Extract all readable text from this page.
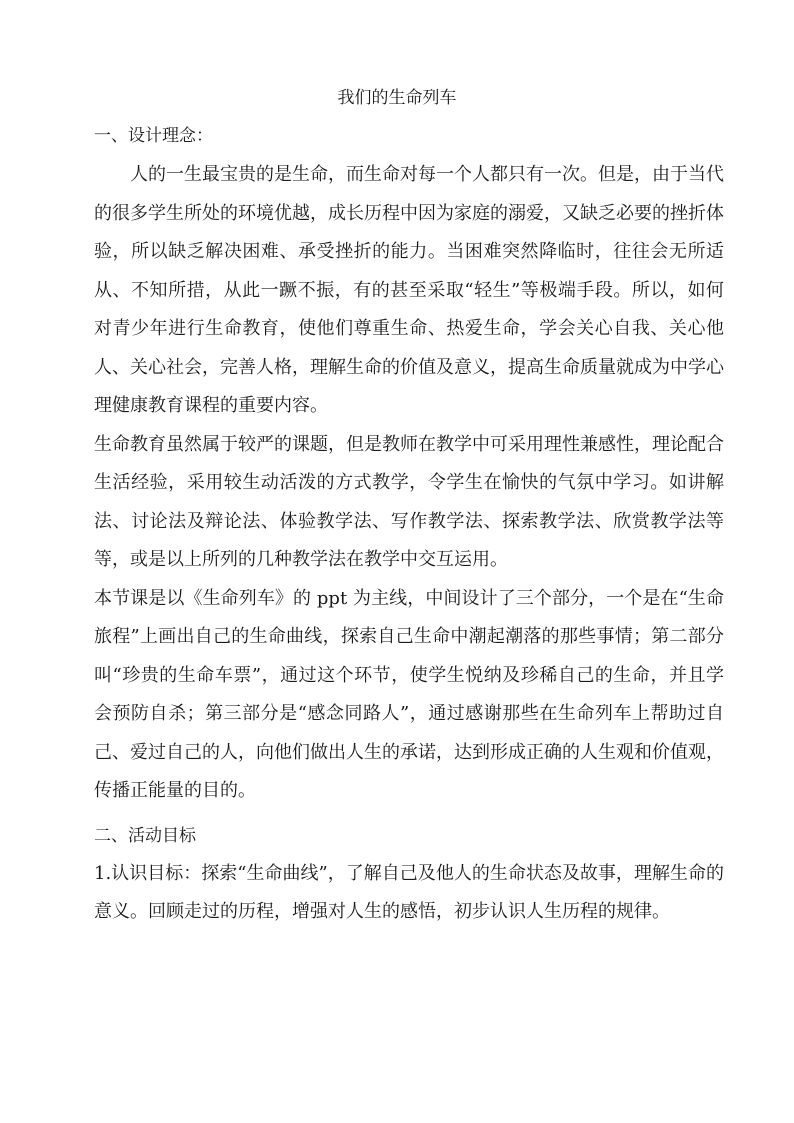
我们的生命列车
一、设计理念：

人的一生最宝贵的是生命，而生命对每一个人都只有一次。但是，由于当代的很多学生所处的环境优越，成长历程中因为家庭的溺爱，又缺乏必要的挫折体验，所以缺乏解决困难、承受挫折的能力。当困难突然降临时，往往会无所适从、不知所措，从此一蹶不振，有的甚至采取“轻生”等极端手段。所以，如何对青少年进行生命教育，使他们尊重生命、热爱生命，学会关心自我、关心他人、关心社会，完善人格，理解生命的价值及意义，提高生命质量就成为中学心理健康教育课程的重要内容。

生命教育虽然属于较严的课题，但是教师在教学中可采用理性兼感性，理论配合生活经验，采用较生动活泼的方式教学，令学生在愉快的气氛中学习。如讲解法、讨论法及辩论法、体验教学法、写作教学法、探索教学法、欣赏教学法等等，或是以上所列的几种教学法在教学中交互运用。

本节课是以《生命列车》的 ppt 为主线，中间设计了三个部分，一个是在“生命旅程”上画出自己的生命曲线，探索自己生命中潮起潮落的那些事情；第二部分叫“珍贵的生命车票”，通过这个环节，使学生悦纳及珍稀自己的生命，并且学会预防自杀；第三部分是“感念同路人”，通过感谢那些在生命列车上帮助过自己、爱过自己的人，向他们做出人生的承诺，达到形成正确的人生观和价值观，传播正能量的目的。

二、活动目标

1.认识目标：探索“生命曲线”，了解自己及他人的生命状态及故事，理解生命的意义。回顾走过的历程，增强对人生的感悟，初步认识人生历程的规律。
